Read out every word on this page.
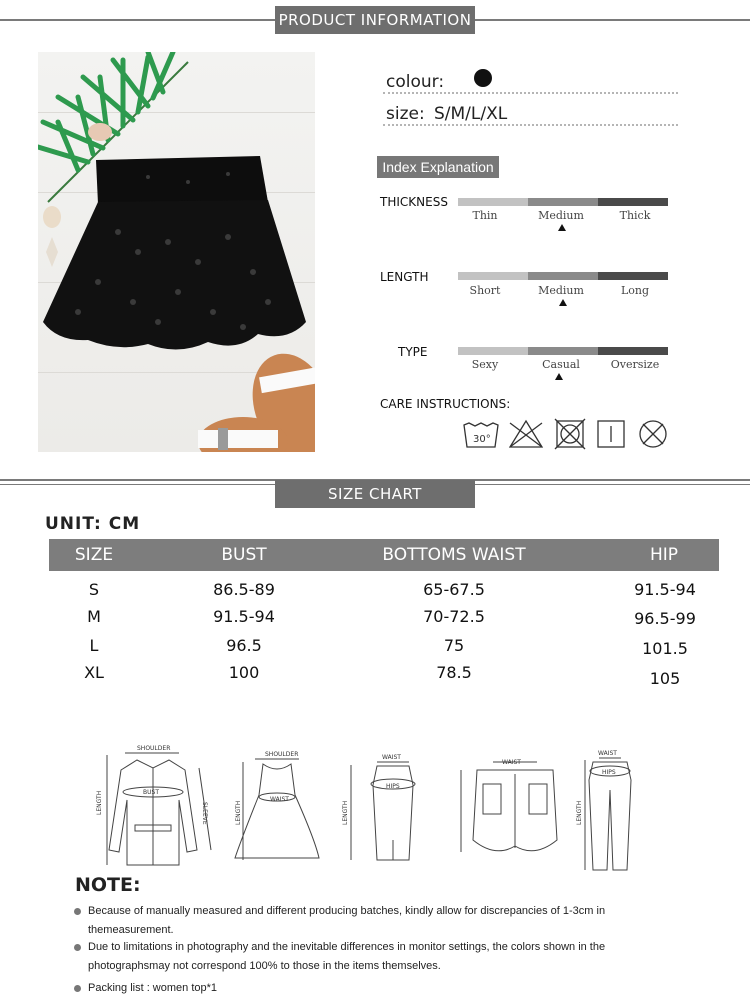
PRODUCT INFORMATION
colour:
size: S/M/L/XL
Index Explanation
THICKNESS
Thin	Medium	Thick
LENGTH
Short	Medium	Long
TYPE
Sexy	Casual	Oversize
CARE INSTRUCTIONS:
30°
SIZE CHART
UNIT: CM
SIZE	BUST	BOTTOMS WAIST	HIP
S	86.5-89	65-67.5	91.5-94
M	91.5-94	70-72.5	96.5-99
L	96.5	75	101.5
XL	100	78.5	105
SHOULDER
BUST
LENGTH	SLEEVE
SHOULDER
WAIST
LENGTH
WAIST
HIPS
LENGTH
WAIST
WAIST
HIPS
LENGTH
NOTE:
Because of manually measured and different producing batches, kindly allow for discrepancies of 1-3cm in
themeasurement.
Due to limitations in photography and the inevitable differences in monitor settings, the colors shown in the
photographsmay not correspond 100% to those in the items themselves.
Packing list : women top*1
